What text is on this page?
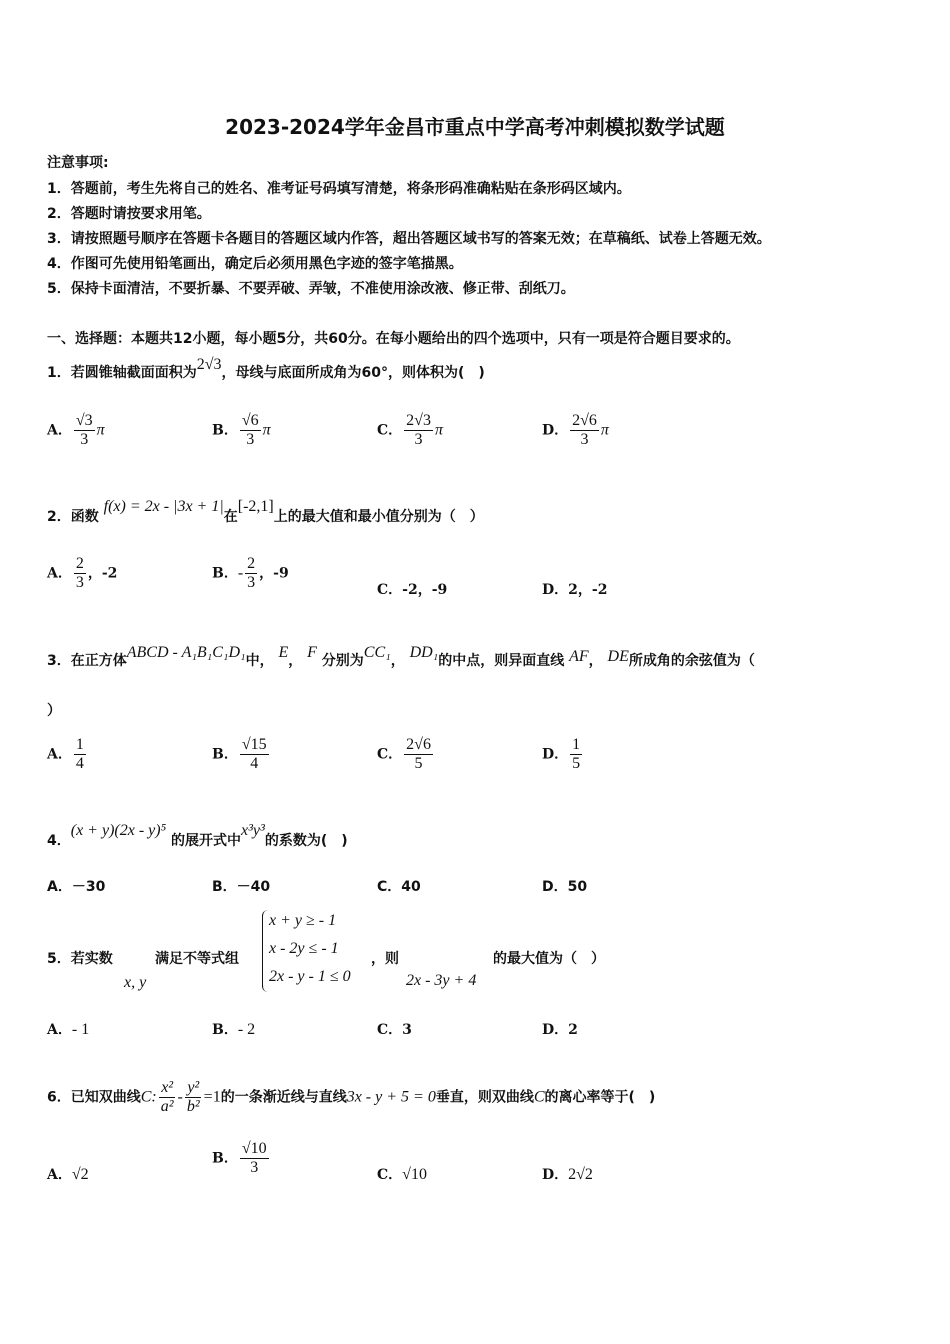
2023-2024学年金昌市重点中学高考冲刺模拟数学试题
注意事项:
1．答题前，考生先将自己的姓名、准考证号码填写清楚，将条形码准确粘贴在条形码区域内。
2．答题时请按要求用笔。
3．请按照题号顺序在答题卡各题目的答题区域内作答，超出答题区域书写的答案无效；在草稿纸、试卷上答题无效。
4．作图可先使用铅笔画出，确定后必须用黑色字迹的签字笔描黑。
5．保持卡面清洁，不要折暴、不要弄破、弄皱，不准使用涂改液、修正带、刮纸刀。
一、选择题：本题共12小题，每小题5分，共60分。在每小题给出的四个选项中，只有一项是符合题目要求的。
1．若圆锥轴截面面积为2√3，母线与底面所成角为60°，则体积为(　)
A． $\frac{√3}{3}$ π	B． $\frac{√6}{3}$ π	C． $\frac{2√3}{3}$ π	D． $\frac{2√6}{3}$ π
2．函数 f(x) = 2x - |3x + 1|在[-2,1]上的最大值和最小值分别为（　）
A． $\frac{2}{3}$ ，-2	B．- $\frac{2}{3}$ ，-9
C．-2，-9	D．2，-2
3．在正方体ABCD - A₁B₁C₁D₁中， E， F 分别为CC₁， DD₁的中点，则异面直线 AF， DE所成角的余弦值为（
）
A． $\frac{1}{4}$	B． $\frac{√15}{4}$	C． $\frac{2√6}{5}$	D． $\frac{1}{5}$
4．(x + y)(2x - y)⁵ 的展开式中x³y³的系数为(　)
A．－30	B．－40	C．40	D．50
5．若实数
x, y
满足不等式组
x + y ≥ - 1
x - 2y ≤ - 1
2x - y - 1 ≤ 0
，则
2x - 3y + 4
的最大值为（　）
A．- 1	B．- 2	C．3	D．2
6．已知双曲线C: $\frac{\text{x²}}{\text{a²}} - \frac{\text{y²}}{\text{b²}} =1$的一条渐近线与直线3x - y + 5 = 0垂直，则双曲线C的离心率等于(　)
A．√2
B． $\frac{√10}{3}$	C．√10	D．2√2
